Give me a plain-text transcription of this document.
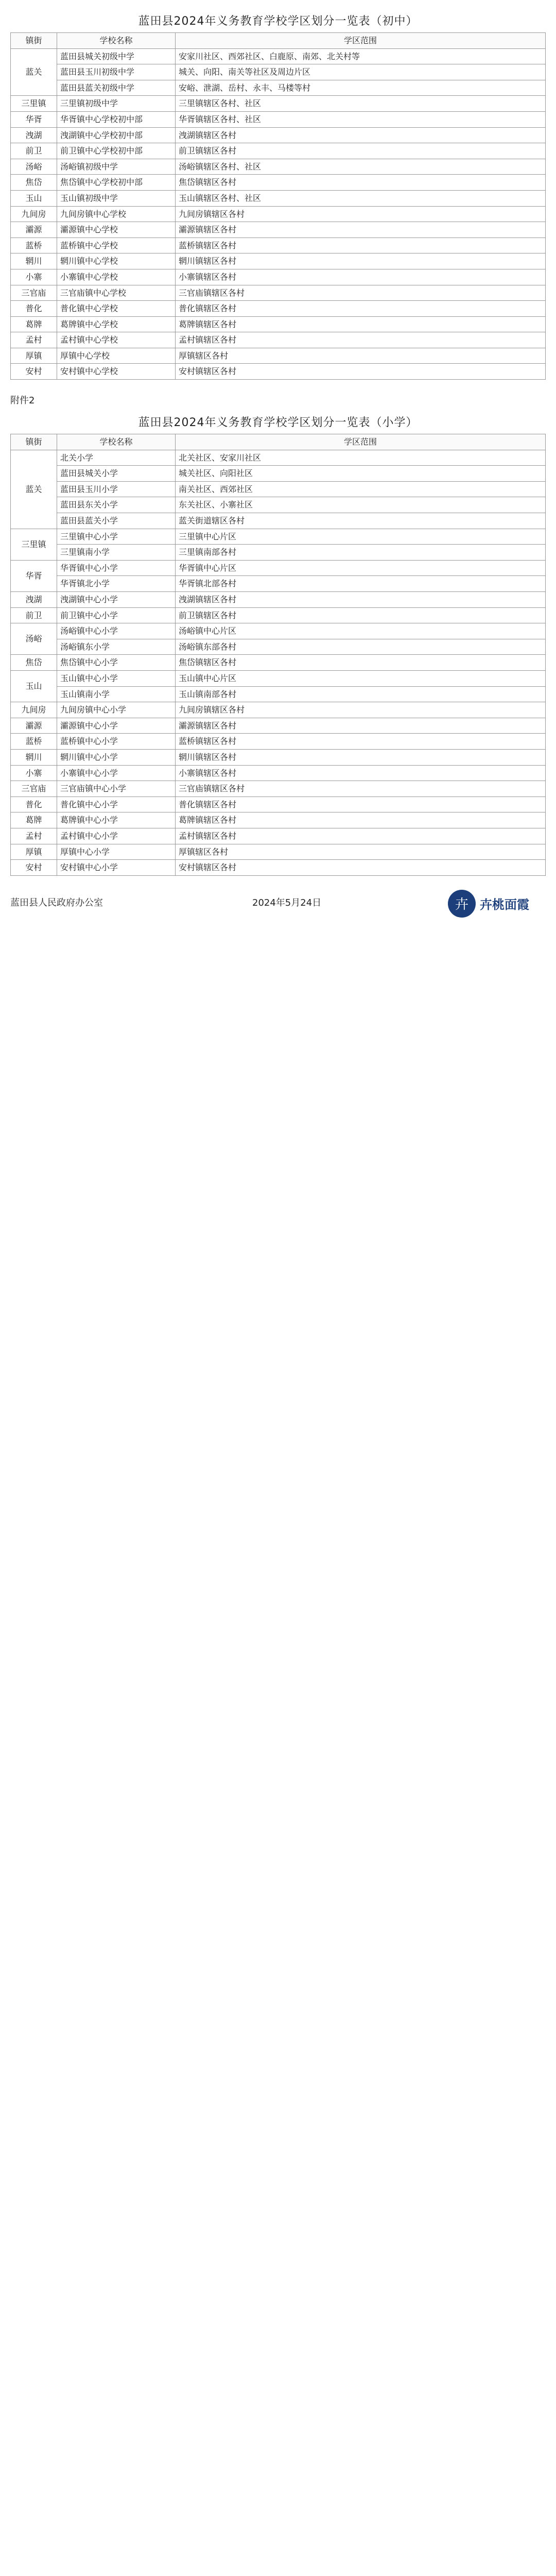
蓝田县2024年义务教育学校学区划分一览表（初中）
镇街	学校名称	学区范围
蓝关	蓝田县城关初级中学	安家川社区、西郊社区、白鹿原、南郊、北关村等
	蓝田县玉川初级中学	城关、向阳、南关等社区及周边片区
	蓝田县蓝关初级中学	安峪、泄湖、岳村、永丰、马楼等村
三里镇	三里镇初级中学	三里镇辖区各村、社区
华胥	华胥镇中心学校初中部	华胥镇辖区各村、社区
洩湖	洩湖镇中心学校初中部	洩湖镇辖区各村
前卫	前卫镇中心学校初中部	前卫镇辖区各村
汤峪	汤峪镇初级中学	汤峪镇辖区各村、社区
焦岱	焦岱镇中心学校初中部	焦岱镇辖区各村
玉山	玉山镇初级中学	玉山镇辖区各村、社区
九间房	九间房镇中心学校	九间房镇辖区各村
灞源	灞源镇中心学校	灞源镇辖区各村
蓝桥	蓝桥镇中心学校	蓝桥镇辖区各村
辋川	辋川镇中心学校	辋川镇辖区各村
小寨	小寨镇中心学校	小寨镇辖区各村
三官庙	三官庙镇中心学校	三官庙镇辖区各村
普化	普化镇中心学校	普化镇辖区各村
葛牌	葛牌镇中心学校	葛牌镇辖区各村
孟村	孟村镇中心学校	孟村镇辖区各村
厚镇	厚镇中心学校	厚镇辖区各村
安村	安村镇中心学校	安村镇辖区各村
附件2
蓝田县2024年义务教育学校学区划分一览表（小学）
镇街	学校名称	学区范围
蓝关	北关小学	北关社区、安家川社区
	蓝田县城关小学	城关社区、向阳社区
	蓝田县玉川小学	南关社区、西郊社区
	蓝田县东关小学	东关社区、小寨社区
	蓝田县蓝关小学	蓝关街道辖区各村
三里镇	三里镇中心小学	三里镇中心片区
	三里镇南小学	三里镇南部各村
华胥	华胥镇中心小学	华胥镇中心片区
	华胥镇北小学	华胥镇北部各村
洩湖	洩湖镇中心小学	洩湖镇辖区各村
前卫	前卫镇中心小学	前卫镇辖区各村
汤峪	汤峪镇中心小学	汤峪镇中心片区
	汤峪镇东小学	汤峪镇东部各村
焦岱	焦岱镇中心小学	焦岱镇辖区各村
玉山	玉山镇中心小学	玉山镇中心片区
	玉山镇南小学	玉山镇南部各村
九间房	九间房镇中心小学	九间房镇辖区各村
灞源	灞源镇中心小学	灞源镇辖区各村
蓝桥	蓝桥镇中心小学	蓝桥镇辖区各村
辋川	辋川镇中心小学	辋川镇辖区各村
小寨	小寨镇中心小学	小寨镇辖区各村
三官庙	三官庙镇中心小学	三官庙镇辖区各村
普化	普化镇中心小学	普化镇辖区各村
葛牌	葛牌镇中心小学	葛牌镇辖区各村
孟村	孟村镇中心小学	孟村镇辖区各村
厚镇	厚镇中心小学	厚镇辖区各村
安村	安村镇中心小学	安村镇辖区各村
蓝田县人民政府办公室	2024年5月24日	卉 卉桃面霞
